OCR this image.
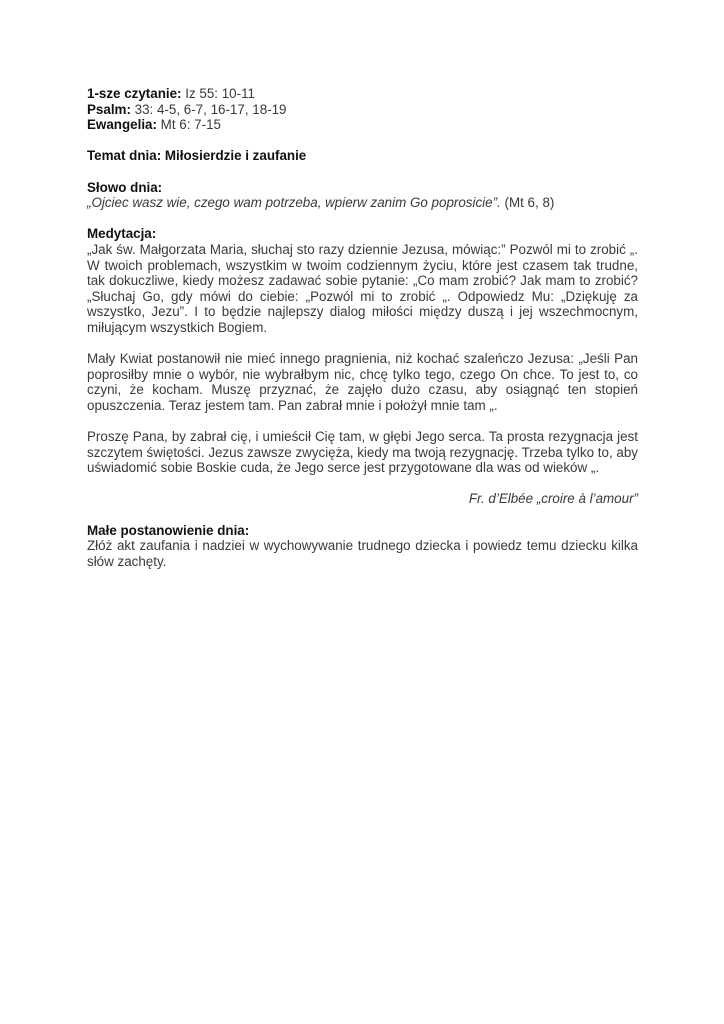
1-sze czytanie: Iz 55: 10-11
Psalm: 33: 4-5, 6-7, 16-17, 18-19
Ewangelia: Mt 6: 7-15
Temat dnia: Miłosierdzie i zaufanie
Słowo dnia:
„Ojciec wasz wie, czego wam potrzeba, wpierw zanim Go poprosicie”. (Mt 6, 8)
Medytacja:
„Jak św. Małgorzata Maria, słuchaj sto razy dziennie Jezusa, mówiąc:” Pozwól mi to zrobić „.
W twoich problemach, wszystkim w twoim codziennym życiu, które jest czasem tak trudne,
tak dokuczliwe, kiedy możesz zadawać sobie pytanie: „Co mam zrobić? Jak mam to zrobić?
„Słuchaj Go, gdy mówi do ciebie: „Pozwól mi to zrobić „. Odpowiedz Mu: „Dziękuję za
wszystko, Jezu”. I to będzie najlepszy dialog miłości między duszą i jej wszechmocnym,
miłującym wszystkich Bogiem.
Mały Kwiat postanowił nie mieć innego pragnienia, niż kochać szaleńczo Jezusa: „Jeśli Pan
poprosiłby mnie o wybór, nie wybrałbym nic, chcę tylko tego, czego On chce. To jest to, co
czyni, że kocham. Muszę przyznać, że zajęło dużo czasu, aby osiągnąć ten stopień
opuszczenia. Teraz jestem tam. Pan zabrał mnie i położył mnie tam „.
Proszę Pana, by zabrał cię, i umieścił Cię tam, w głębi Jego serca. Ta prosta rezygnacja jest
szczytem świętości. Jezus zawsze zwycięża, kiedy ma twoją rezygnację. Trzeba tylko to, aby
uświadomić sobie Boskie cuda, że Jego serce jest przygotowane dla was od wieków „.
Fr. d’Elbée „croire à l’amour”
Małe postanowienie dnia:
Złóż akt zaufania i nadziei w wychowywanie trudnego dziecka i powiedz temu dziecku kilka
słów zachęty.
